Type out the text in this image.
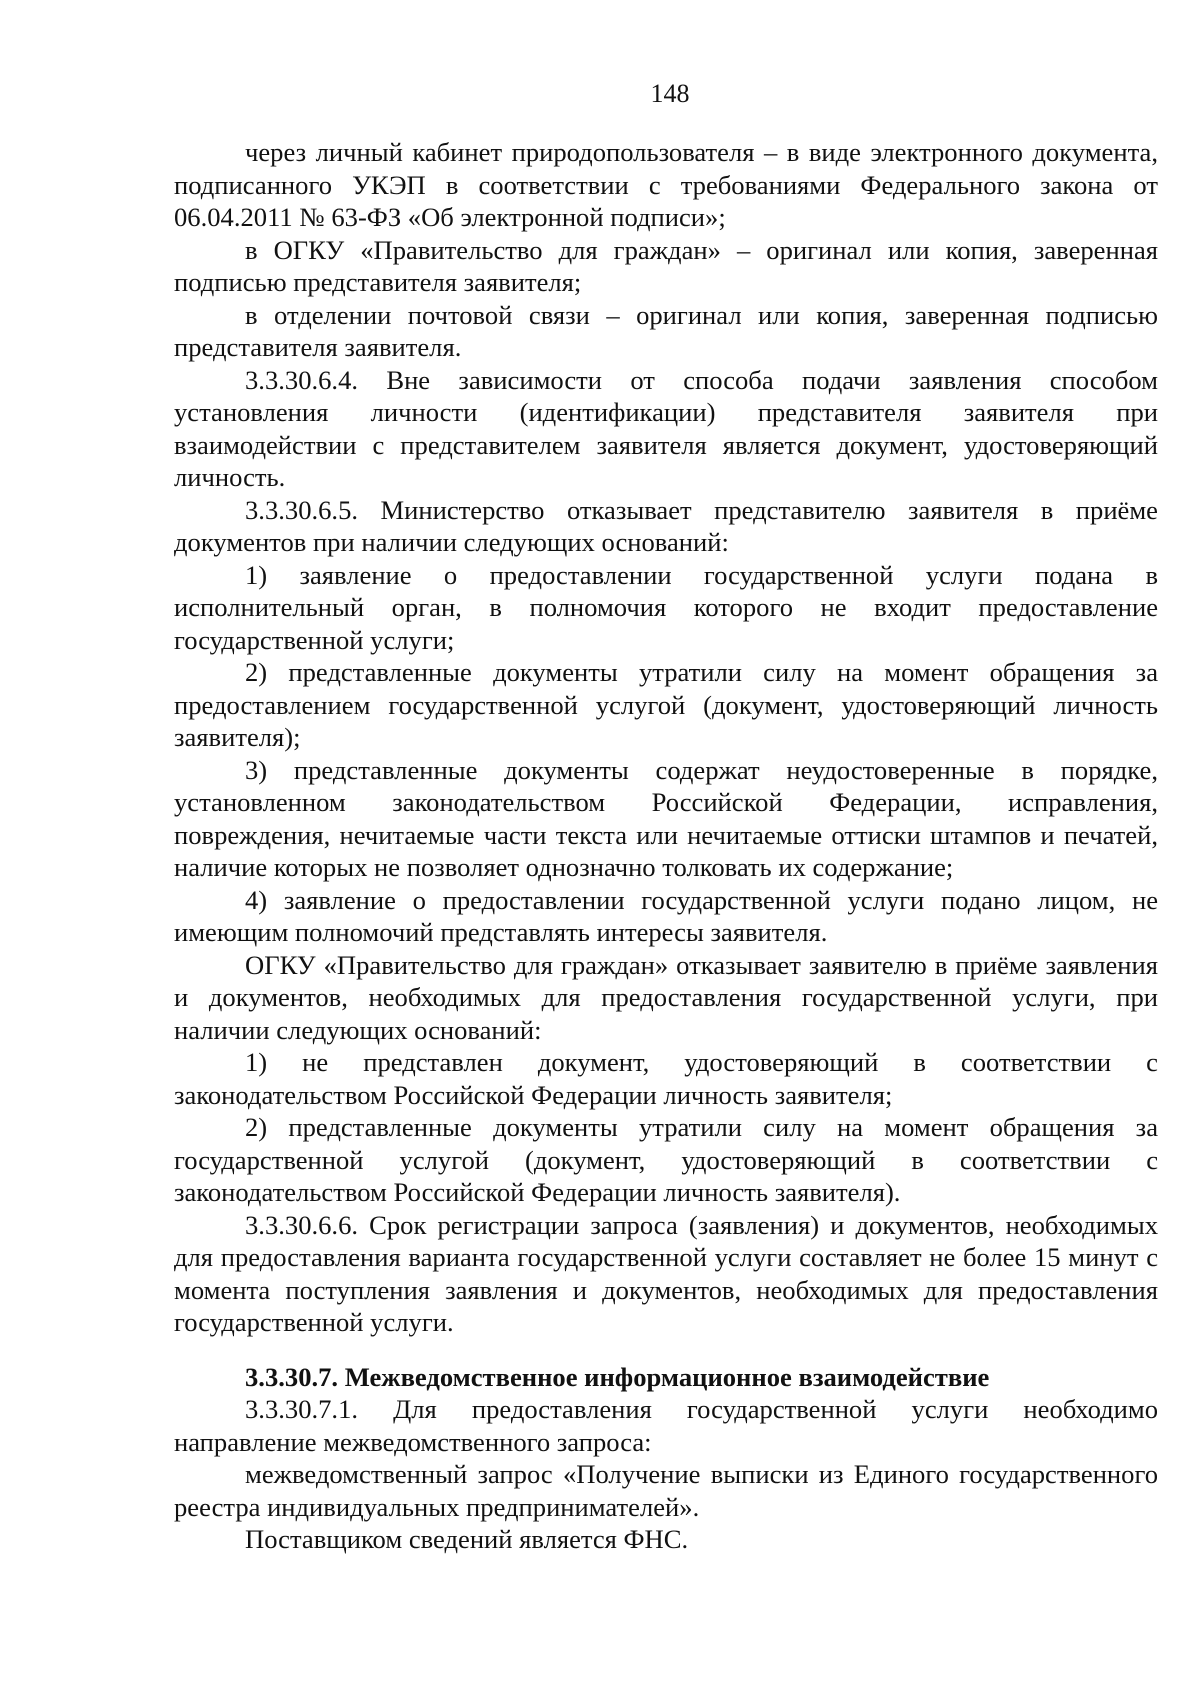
148

через личный кабинет природопользователя – в виде электронного документа, подписанного УКЭП в соответствии с требованиями Федерального закона от 06.04.2011 № 63-ФЗ «Об электронной подписи»;

в ОГКУ «Правительство для граждан» – оригинал или копия, заверенная подписью представителя заявителя;

в отделении почтовой связи – оригинал или копия, заверенная подписью представителя заявителя.

3.3.30.6.4. Вне зависимости от способа подачи заявления способом установления личности (идентификации) представителя заявителя при взаимодействии с представителем заявителя является документ, удостоверяющий личность.

3.3.30.6.5. Министерство отказывает представителю заявителя в приёме документов при наличии следующих оснований:

1) заявление о предоставлении государственной услуги подана в исполнительный орган, в полномочия которого не входит предоставление государственной услуги;

2) представленные документы утратили силу на момент обращения за предоставлением государственной услугой (документ, удостоверяющий личность заявителя);

3) представленные документы содержат неудостоверенные в порядке, установленном законодательством Российской Федерации, исправления, повреждения, нечитаемые части текста или нечитаемые оттиски штампов и печатей, наличие которых не позволяет однозначно толковать их содержание;

4) заявление о предоставлении государственной услуги подано лицом, не имеющим полномочий представлять интересы заявителя.

ОГКУ «Правительство для граждан» отказывает заявителю в приёме заявления и документов, необходимых для предоставления государственной услуги, при наличии следующих оснований:

1) не представлен документ, удостоверяющий в соответствии с законодательством Российской Федерации личность заявителя;

2) представленные документы утратили силу на момент обращения за государственной услугой (документ, удостоверяющий в соответствии с законодательством Российской Федерации личность заявителя).

3.3.30.6.6. Срок регистрации запроса (заявления) и документов, необходимых для предоставления варианта государственной услуги составляет не более 15 минут с момента поступления заявления и документов, необходимых для предоставления государственной услуги.

3.3.30.7. Межведомственное информационное взаимодействие

3.3.30.7.1. Для предоставления государственной услуги необходимо направление межведомственного запроса:

межведомственный запрос «Получение выписки из Единого государственного реестра индивидуальных предпринимателей».

Поставщиком сведений является ФНС.
